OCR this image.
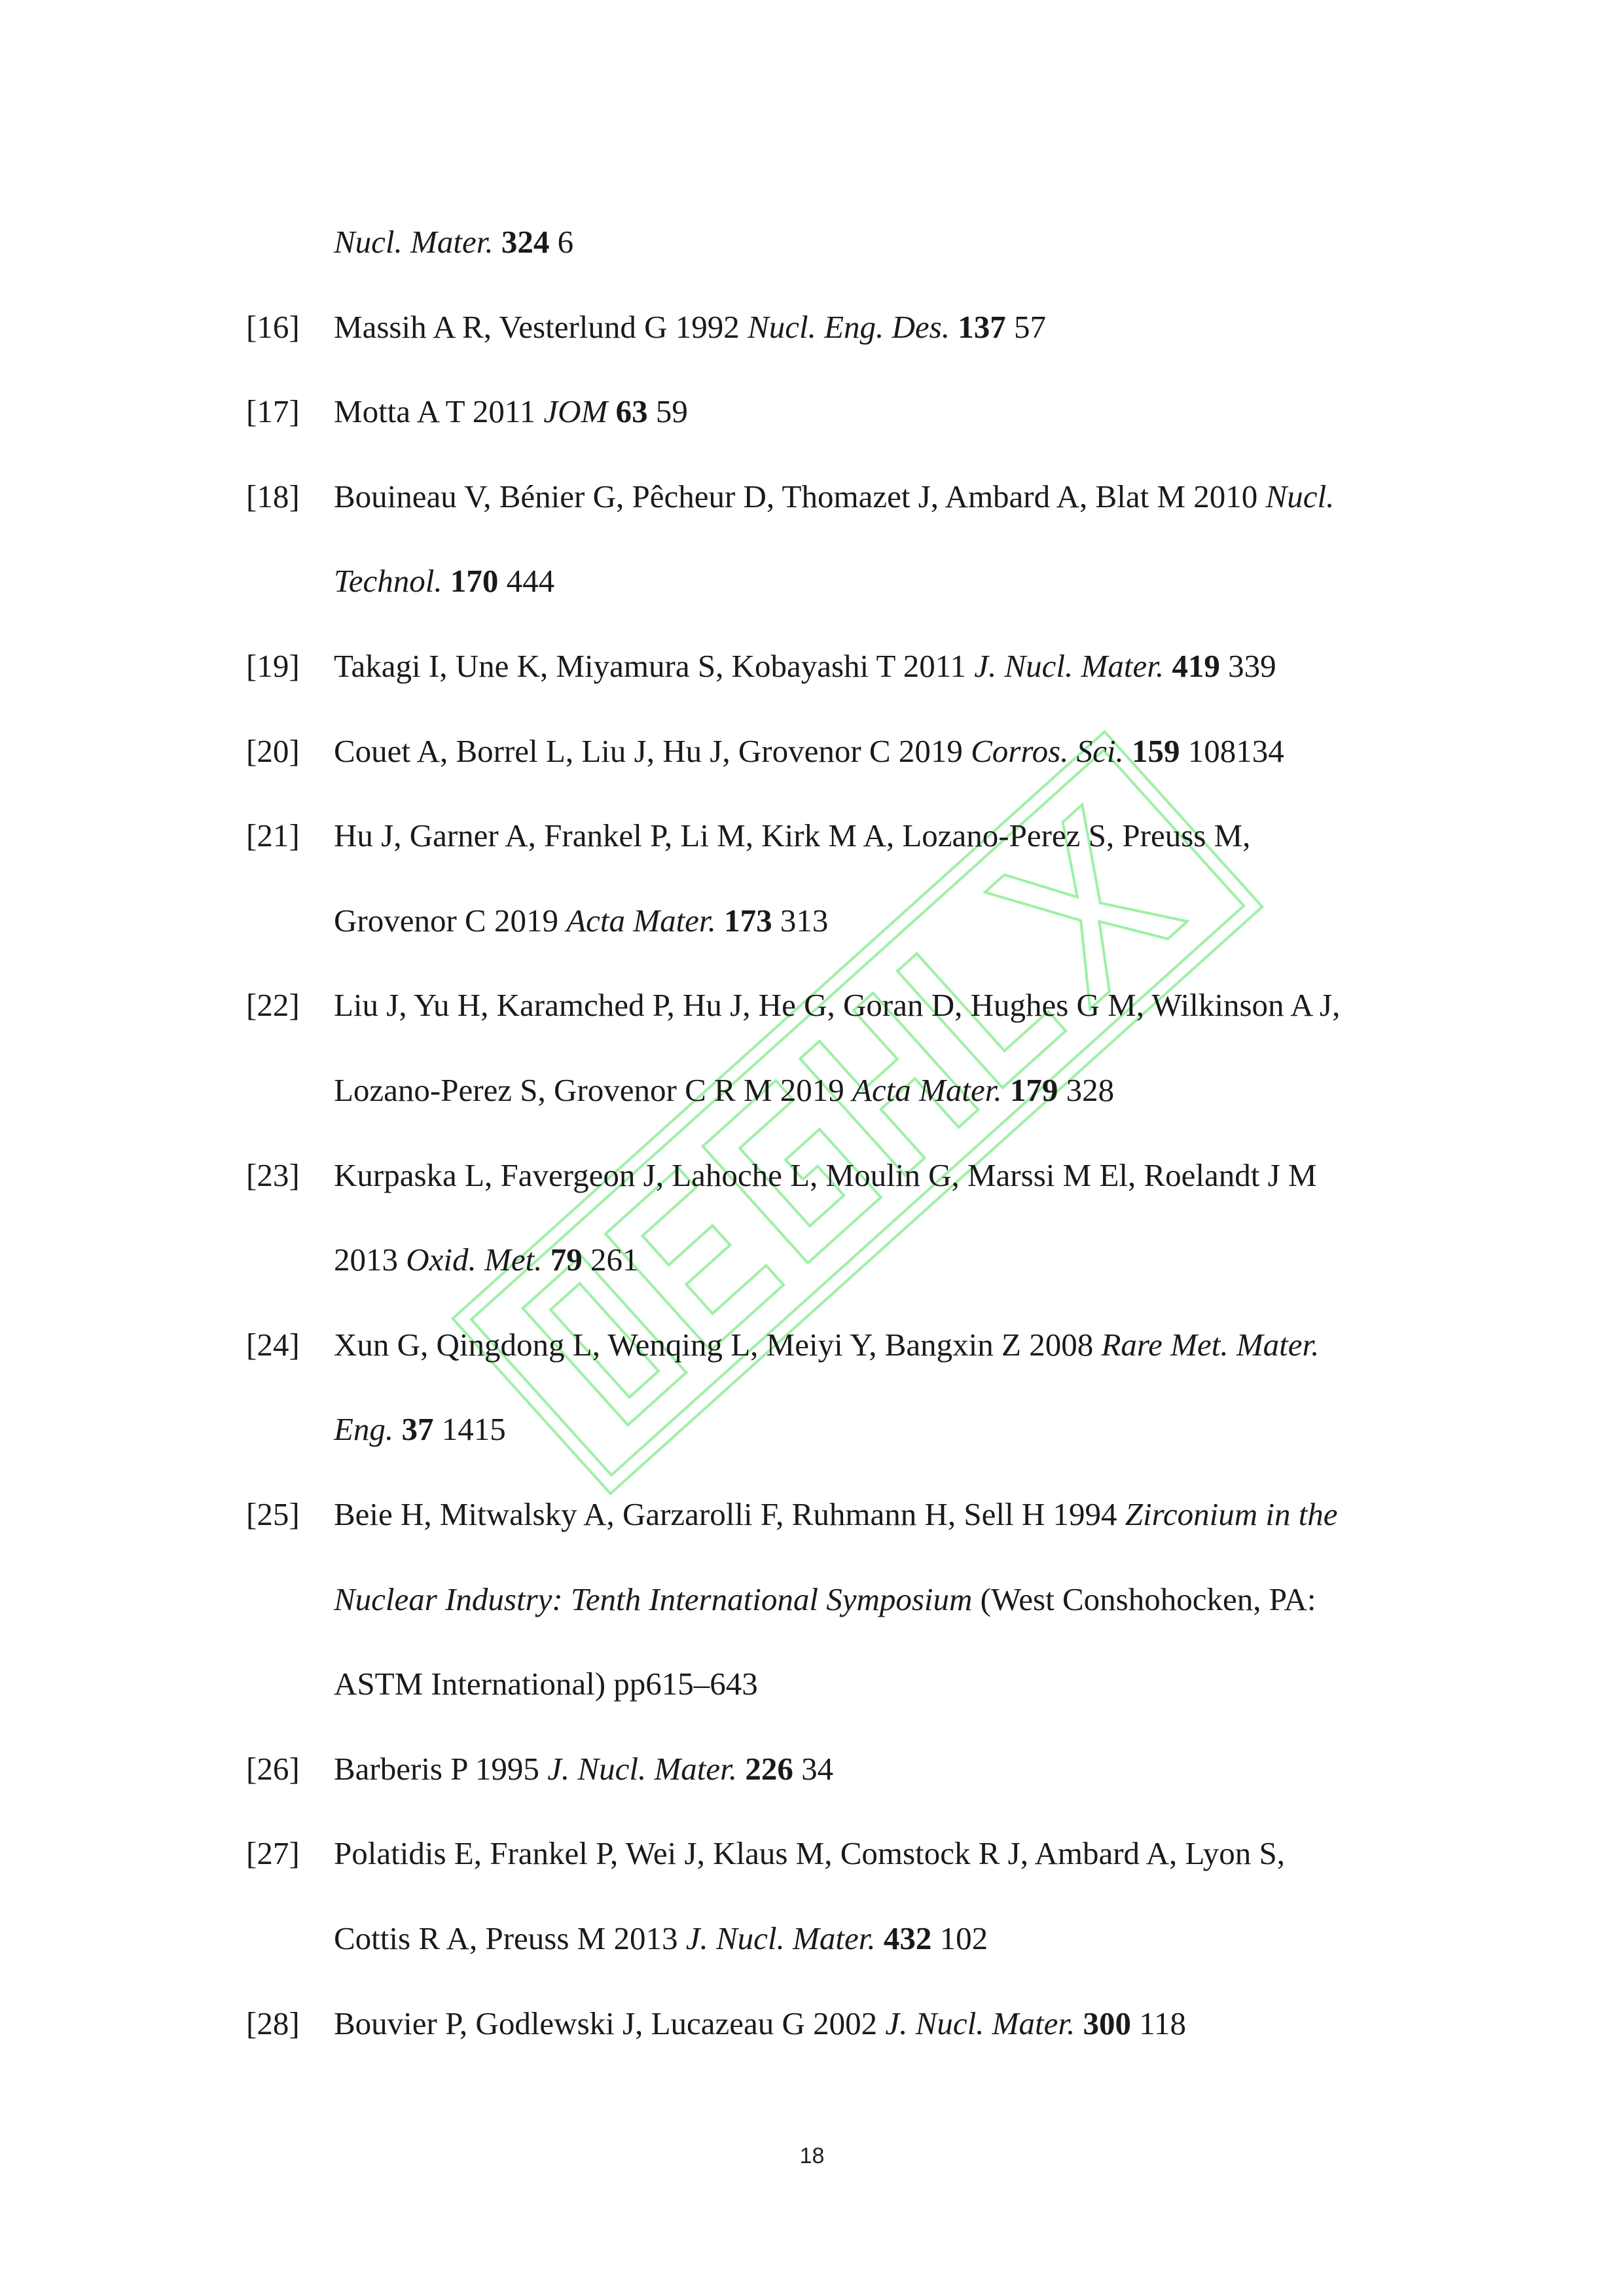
Nucl. Mater. 324 6
[16] Massih A R, Vesterlund G 1992 Nucl. Eng. Des. 137 57
[17] Motta A T 2011 JOM 63 59
[18] Bouineau V, Bénier G, Pêcheur D, Thomazet J, Ambard A, Blat M 2010 Nucl.
Technol. 170 444
[19] Takagi I, Une K, Miyamura S, Kobayashi T 2011 J. Nucl. Mater. 419 339
[20] Couet A, Borrel L, Liu J, Hu J, Grovenor C 2019 Corros. Sci. 159 108134
[21] Hu J, Garner A, Frankel P, Li M, Kirk M A, Lozano-Perez S, Preuss M,
Grovenor C 2019 Acta Mater. 173 313
[22] Liu J, Yu H, Karamched P, Hu J, He G, Goran D, Hughes G M, Wilkinson A J,
Lozano-Perez S, Grovenor C R M 2019 Acta Mater. 179 328
[23] Kurpaska L, Favergeon J, Lahoche L, Moulin G, Marssi M El, Roelandt J M
2013 Oxid. Met. 79 261
[24] Xun G, Qingdong L, Wenqing L, Meiyi Y, Bangxin Z 2008 Rare Met. Mater.
Eng. 37 1415
[25] Beie H, Mitwalsky A, Garzarolli F, Ruhmann H, Sell H 1994 Zirconium in the
Nuclear Industry: Tenth International Symposium (West Conshohocken, PA:
ASTM International) pp615–643
[26] Barberis P 1995 J. Nucl. Mater. 226 34
[27] Polatidis E, Frankel P, Wei J, Klaus M, Comstock R J, Ambard A, Lyon S,
Cottis R A, Preuss M 2013 J. Nucl. Mater. 432 102
[28] Bouvier P, Godlewski J, Lucazeau G 2002 J. Nucl. Mater. 300 118
18
